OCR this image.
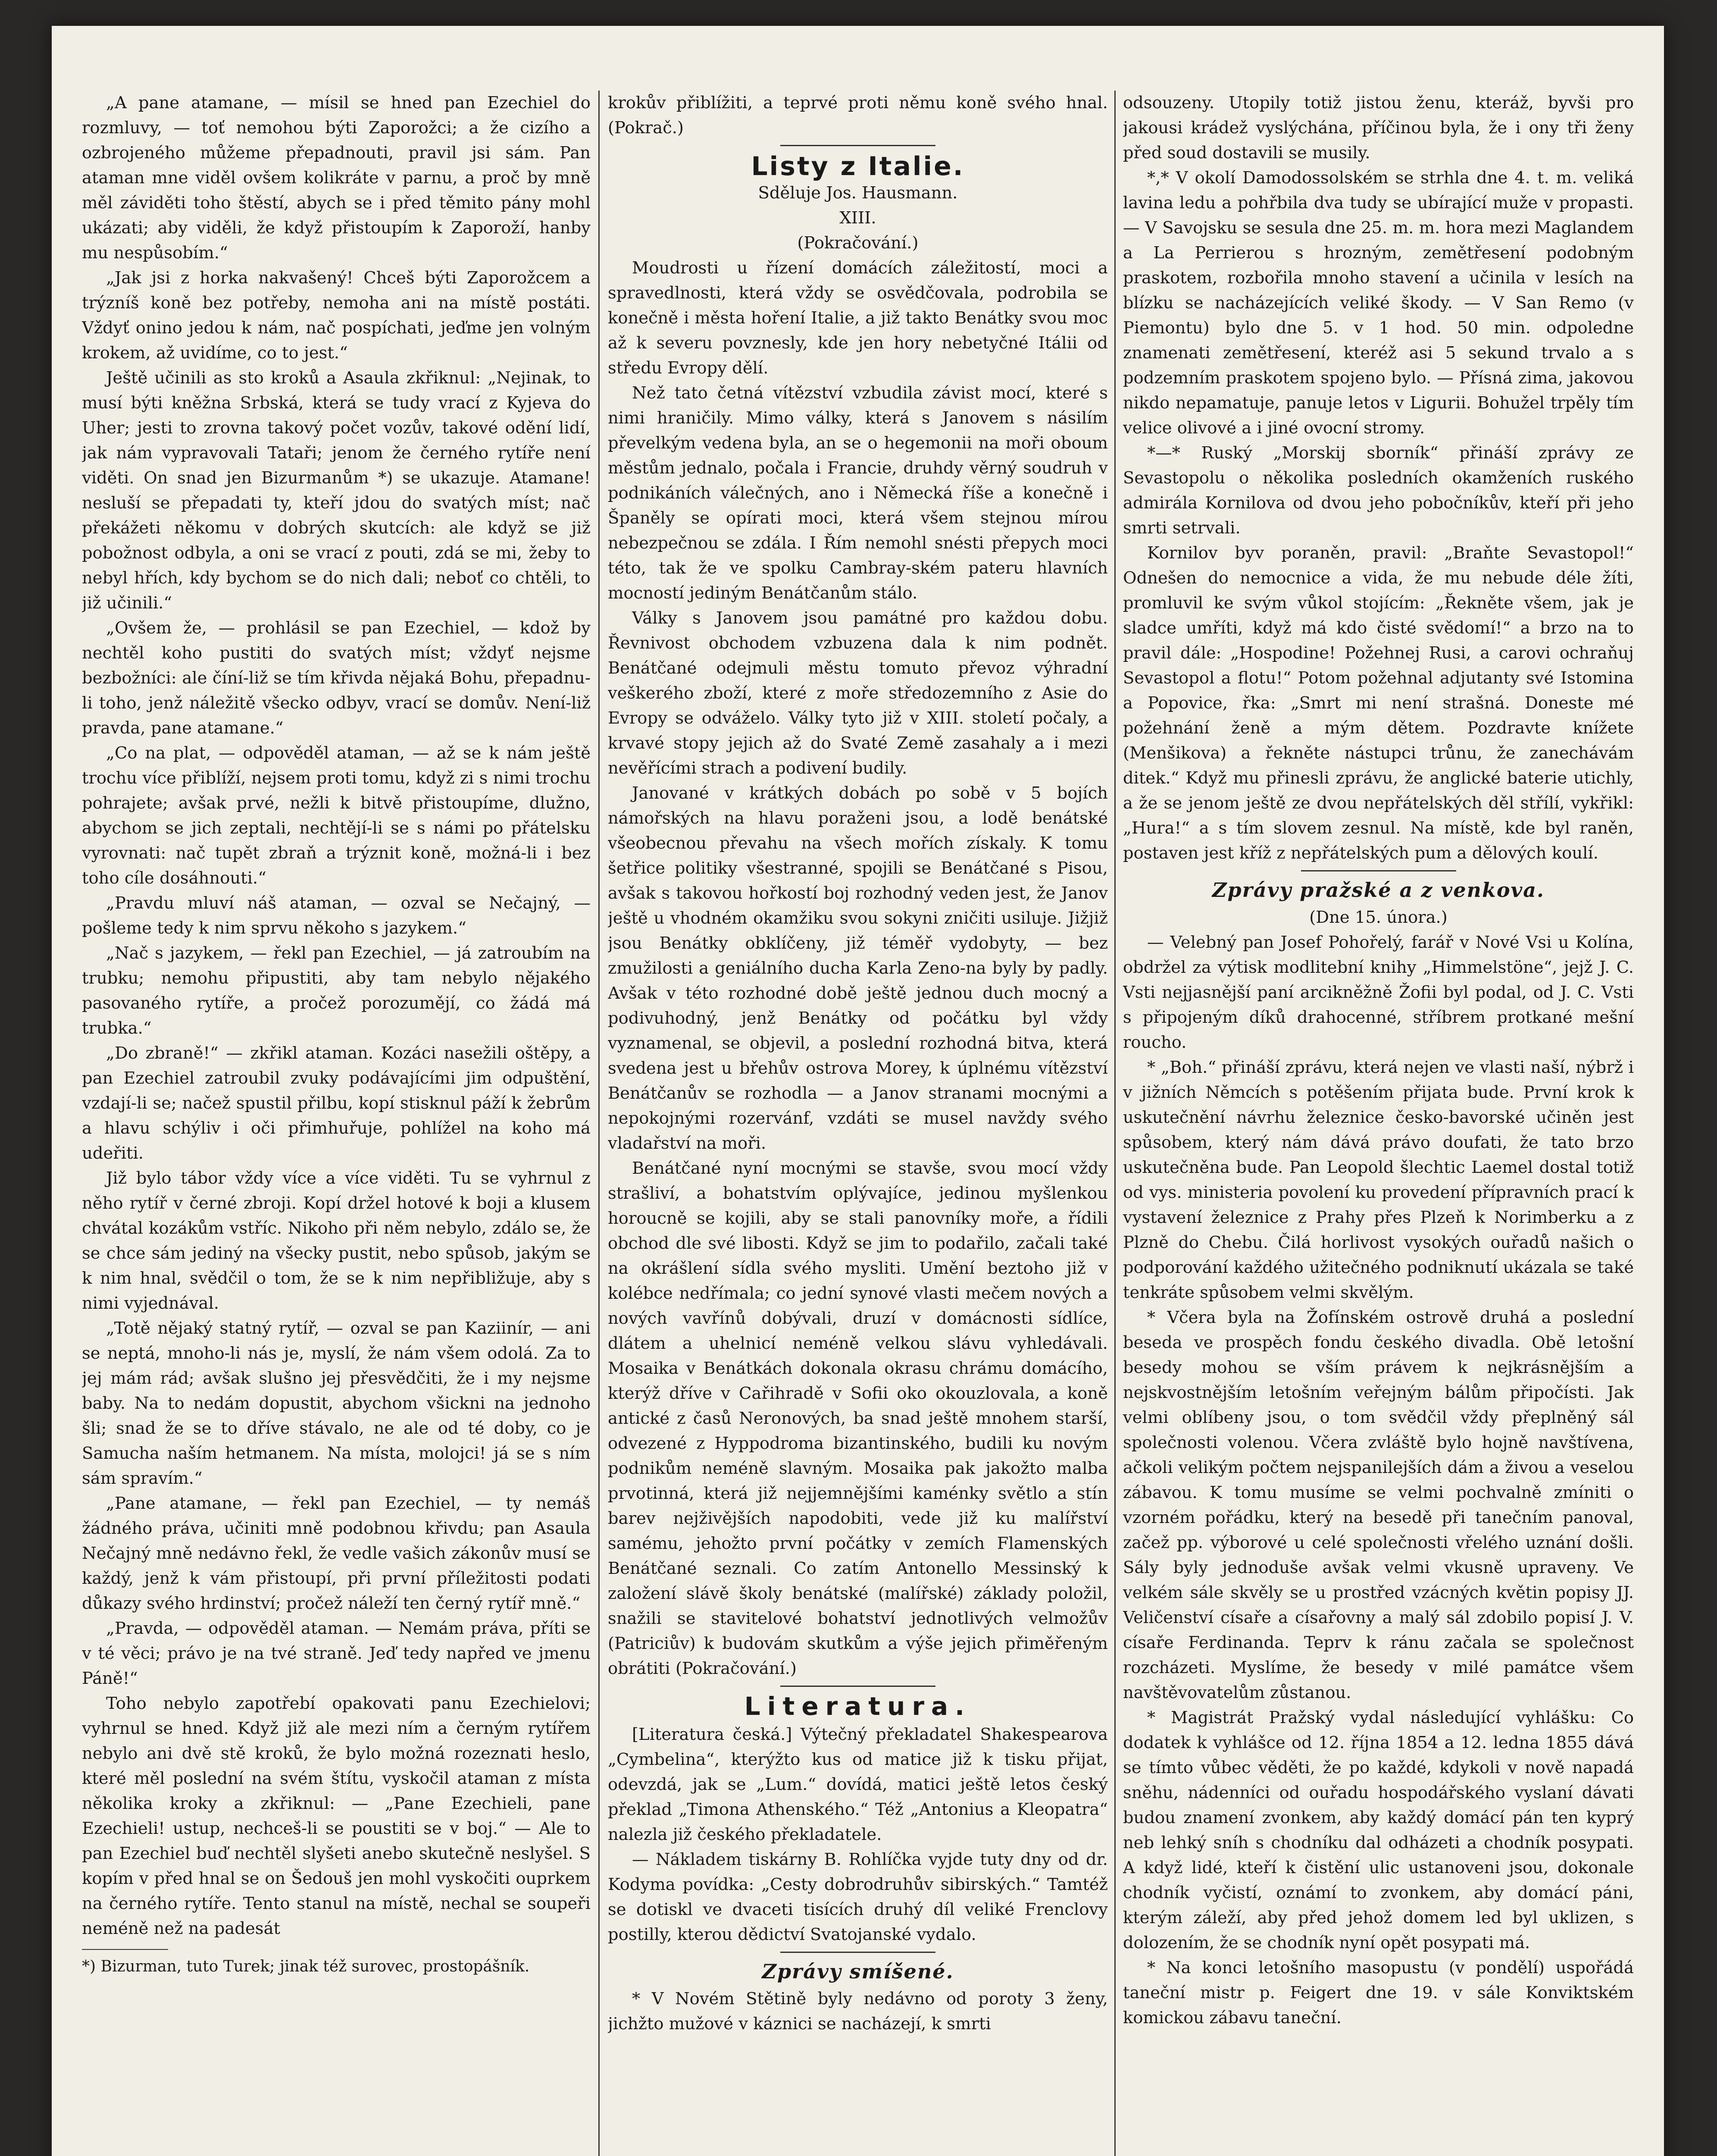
„A pane atamane, — mísil se hned pan Ezechiel do rozmluvy, — toť nemohou býti Zaporožci; a že cizího a ozbrojeného můžeme přepadnouti, pravil jsi sám. Pan ataman mne viděl ovšem kolikráte v parnu, a proč by mně měl záviděti toho štěstí, abych se i před těmito pány mohl ukázati; aby viděli, že když přistoupím k Zaporoží, hanby mu nespůsobím.“

„Jak jsi z horka nakvašený! Chceš býti Zaporožcem a trýzníš koně bez potřeby, nemoha ani na místě postáti. Vždyť onino jedou k nám, nač pospíchati, jeďme jen volným krokem, až uvidíme, co to jest.“

Ještě učinili as sto kroků a Asaula zkřiknul: „Nejinak, to musí býti kněžna Srbská, která se tudy vrací z Kyjeva do Uher; jesti to zrovna takový počet vozův, takové odění lidí, jak nám vypravovali Tataři; jenom že černého rytíře není viděti. On snad jen Bizurmanům *) se ukazuje. Atamane! nesluší se přepadati ty, kteří jdou do svatých míst; nač překážeti někomu v dobrých skutcích: ale když se již pobožnost odbyla, a oni se vrací z pouti, zdá se mi, žeby to nebyl hřích, kdy bychom se do nich dali; neboť co chtěli, to již učinili.“

„Ovšem že, — prohlásil se pan Ezechiel, — kdož by nechtěl koho pustiti do svatých míst; vždyť nejsme bezbožníci: ale číní-liž se tím křivda nějaká Bohu, přepadnu-li toho, jenž náležitě všecko odbyv, vrací se domův. Není-liž pravda, pane atamane.“

„Co na plat, — odpověděl ataman, — až se k nám ještě trochu více přiblíží, nejsem proti tomu, když zi s nimi trochu pohrajete; avšak prvé, nežli k bitvě přistoupíme, dlužno, abychom se jich zeptali, nechtějí-li se s námi po přátelsku vyrovnati: nač tupět zbraň a trýznit koně, možná-li i bez toho cíle dosáhnouti.“

„Pravdu mluví náš ataman, — ozval se Nečajný, — pošleme tedy k nim sprvu někoho s jazykem.“

„Nač s jazykem, — řekl pan Ezechiel, — já zatroubím na trubku; nemohu připustiti, aby tam nebylo nějakého pasovaného rytíře, a pročež porozumějí, co žádá má trubka.“

„Do zbraně!“ — zkřikl ataman. Kozáci nasežili oštěpy, a pan Ezechiel zatroubil zvuky podávajícími jim odpuštění, vzdají-li se; načež spustil přilbu, kopí stisknul páží k žebrům a hlavu schýliv i oči přimhuřuje, pohlížel na koho má udeřiti.

Již bylo tábor vždy více a více viděti. Tu se vyhrnul z něho rytíř v černé zbroji. Kopí držel hotové k boji a klusem chvátal kozákům vstříc. Nikoho při něm nebylo, zdálo se, že se chce sám jediný na všecky pustit, nebo spůsob, jakým se k nim hnal, svědčil o tom, že se k nim nepřibližuje, aby s nimi vyjednával.

„Totě nějaký statný rytíř, — ozval se pan Kaziinír, — ani se neptá, mnoho-li nás je, myslí, že nám všem odolá. Za to jej mám rád; avšak slušno jej přesvědčiti, že i my nejsme baby. Na to nedám dopustit, abychom všickni na jednoho šli; snad že se to dříve stávalo, ne ale od té doby, co je Samucha naším hetmanem. Na místa, molojci! já se s ním sám spravím.“

„Pane atamane, — řekl pan Ezechiel, — ty nemáš žádného práva, učiniti mně podobnou křivdu; pan Asaula Nečajný mně nedávno řekl, že vedle vašich zákonův musí se každý, jenž k vám přistoupí, při první příležitosti podati důkazy svého hrdinství; pročež náleží ten černý rytíř mně.“

„Pravda, — odpověděl ataman. — Nemám práva, příti se v té věci; právo je na tvé straně. Jeď tedy napřed ve jmenu Páně!“

Toho nebylo zapotřebí opakovati panu Ezechielovi; vyhrnul se hned. Když již ale mezi ním a černým rytířem nebylo ani dvě stě kroků, že bylo možná rozeznati heslo, které měl poslední na svém štítu, vyskočil ataman z místa několika kroky a zkřiknul: — „Pane Ezechieli, pane Ezechieli! ustup, nechceš-li se poustiti se v boj.“ — Ale to pan Ezechiel buď nechtěl slyšeti anebo skutečně neslyšel. S kopím v před hnal se on Šedouš jen mohl vyskočiti ouprkem na černého rytíře. Tento stanul na místě, nechal se soupeři neméně než na padesát

*) Bizurman, tuto Turek; jinak též surovec, prostopášník.

krokův přiblížiti, a teprvé proti němu koně svého hnal. (Pokrač.)

Listy z Italie.

Sděluje Jos. Hausmann.

XIII.

(Pokračování.)

Moudrosti u řízení domácích záležitostí, moci a spravedlnosti, která vždy se osvědčovala, podrobila se konečně i města hoření Italie, a již takto Benátky svou moc až k severu povznesly, kde jen hory nebetyčné Itálii od středu Evropy dělí.

Než tato četná vítězství vzbudila závist mocí, které s nimi hraničily. Mimo války, která s Janovem s násilím převelkým vedena byla, an se o hegemonii na moři oboum městům jednalo, počala i Francie, druhdy věrný soudruh v podnikáních válečných, ano i Německá říše a konečně i Španěly se opírati moci, která všem stejnou mírou nebezpečnou se zdála. I Řím nemohl snésti přepych moci této, tak že ve spolku Cambray-ském pateru hlavních mocností jediným Benátčanům stálo.

Války s Janovem jsou památné pro každou dobu. Řevnivost obchodem vzbuzena dala k nim podnět. Benátčané odejmuli městu tomuto převoz výhradní veškerého zboží, které z moře středozemního z Asie do Evropy se odváželo. Války tyto již v XIII. století počaly, a krvavé stopy jejich až do Svaté Země zasahaly a i mezi nevěřícími strach a podivení budily.

Janované v krátkých dobách po sobě v 5 bojích námořských na hlavu poraženi jsou, a lodě benátské všeobecnou převahu na všech mořích získaly. K tomu šetřice politiky všestranné, spojili se Benátčané s Pisou, avšak s takovou hořkostí boj rozhodný veden jest, že Janov ještě u vhodném okamžiku svou sokyni zničiti usiluje. Jižjiž jsou Benátky obklíčeny, již téměř vydobyty, — bez zmužilosti a geniálního ducha Karla Zeno-na byly by padly. Avšak v této rozhodné době ještě jednou duch mocný a podivuhodný, jenž Benátky od počátku byl vždy vyznamenal, se objevil, a poslední rozhodná bitva, která svedena jest u břehův ostrova Morey, k úplnému vítězství Benátčanův se rozhodla — a Janov stranami mocnými a nepokojnými rozervánf, vzdáti se musel navždy svého vladařství na moři.

Benátčané nyní mocnými se stavše, svou mocí vždy strašliví, a bohatstvím oplývajíce, jedinou myšlenkou horoucně se kojili, aby se stali panovníky moře, a řídili obchod dle své libosti. Když se jim to podařilo, začali také na okrášlení sídla svého mysliti. Umění beztoho již v kolébce nedřímala; co jední synové vlasti mečem nových a nových vavřínů dobývali, druzí v domácnosti sídlíce, dlátem a uhelnicí neméně velkou slávu vyhledávali. Mosaika v Benátkách dokonala okrasu chrámu domácího, kterýž dříve v Cařihradě v Sofii oko okouzlovala, a koně antické z časů Neronových, ba snad ještě mnohem starší, odvezené z Hyppodroma bizantinského, budili ku novým podnikům neméně slavným. Mosaika pak jakožto malba prvotinná, která již nejjemnějšími kaménky světlo a stín barev nejživějších napodobiti, vede již ku malířství samému, jehožto první počátky v zemích Flamenských Benátčané seznali. Co zatím Antonello Messinský k založení slávě školy benátské (malířské) základy položil, snažili se stavitelové bohatství jednotlivých velmožův (Patriciův) k budovám skutkům a výše jejich přiměřeným obrátiti (Pokračování.)

Literatura.

[Literatura česká.] Výtečný překladatel Shakespearova „Cymbelina“, kterýžto kus od matice již k tisku přijat, odevzdá, jak se „Lum.“ dovídá, matici ještě letos český překlad „Timona Athenského.“ Též „Antonius a Kleopatra“ nalezla již českého překladatele.

— Nákladem tiskárny B. Rohlíčka vyjde tuty dny od dr. Kodyma povídka: „Cesty dobrodruhův sibirských.“ Tamtéž se dotiskl ve dvaceti tisících druhý díl veliké Frenclovy postilly, kterou dědictví Svatojanské vydalo.

Zprávy smíšené.

* V Novém Stětině byly nedávno od poroty 3 ženy, jichžto mužové v káznici se nacházejí, k smrti

odsouzeny. Utopily totiž jistou ženu, kteráž, byvši pro jakousi krádež vyslýchána, příčinou byla, že i ony tři ženy před soud dostavili se musily.

*,* V okolí Damodossolském se strhla dne 4. t. m. veliká lavina ledu a pohřbila dva tudy se ubírající muže v propasti. — V Savojsku se sesula dne 25. m. m. hora mezi Maglandem a La Perrierou s hrozným, zemětřesení podobným praskotem, rozbořila mnoho stavení a učinila v lesích na blízku se nacházejících veliké škody. — V San Remo (v Piemontu) bylo dne 5. v 1 hod. 50 min. odpoledne znamenati zemětřesení, kteréž asi 5 sekund trvalo a s podzemním praskotem spojeno bylo. — Přísná zima, jakovou nikdo nepamatuje, panuje letos v Ligurii. Bohužel trpěly tím velice olivové a i jiné ovocní stromy.

*—* Ruský „Morskij sborník“ přináší zprávy ze Sevastopolu o několika posledních okamženích ruského admirála Kornilova od dvou jeho pobočníkův, kteří při jeho smrti setrvali.

Kornilov byv poraněn, pravil: „Braňte Sevastopol!“ Odnešen do nemocnice a vida, že mu nebude déle žíti, promluvil ke svým vůkol stojícím: „Řekněte všem, jak je sladce umříti, když má kdo čisté svědomí!“ a brzo na to pravil dále: „Hospodine! Požehnej Rusi, a carovi ochraňuj Sevastopol a flotu!“ Potom požehnal adjutanty své Istomina a Popovice, řka: „Smrt mi není strašná. Doneste mé požehnání ženě a mým dětem. Pozdravte knížete (Menšikova) a řekněte nástupci trůnu, že zanechávám ditek.“ Když mu přinesli zprávu, že anglické baterie utichly, a že se jenom ještě ze dvou nepřátelských děl střílí, vykřikl: „Hura!“ a s tím slovem zesnul. Na místě, kde byl raněn, postaven jest kříž z nepřátelských pum a dělových koulí.

Zprávy pražské a z venkova.

(Dne 15. února.)

— Velebný pan Josef Pohořelý, farář v Nové Vsi u Kolína, obdržel za výtisk modlitební knihy „Himmelstöne“, jejž J. C. Vsti nejjasnější paní arcikněžně Žofii byl podal, od J. C. Vsti s připojeným díků drahocenné, stříbrem protkané mešní roucho.

* „Boh.“ přináší zprávu, která nejen ve vlasti naší, nýbrž i v jižních Němcích s potěšením přijata bude. První krok k uskutečnění návrhu železnice česko-bavorské učiněn jest spůsobem, který nám dává právo doufati, že tato brzo uskutečněna bude. Pan Leopold šlechtic Laemel dostal totiž od vys. ministeria povolení ku provedení přípravních prací k vystavení železnice z Prahy přes Plzeň k Norimberku a z Plzně do Chebu. Čilá horlivost vysokých ouřadů našich o podporování každého užitečného podniknutí ukázala se také tenkráte spůsobem velmi skvělým.

* Včera byla na Žofínském ostrově druhá a poslední beseda ve prospěch fondu českého divadla. Obě letošní besedy mohou se vším právem k nejkrásnějším a nejskvostnějším letošním veřejným bálům připočísti. Jak velmi oblíbeny jsou, o tom svědčil vždy přeplněný sál společnosti volenou. Včera zvláště bylo hojně navštívena, ačkoli velikým počtem nejspanilejších dám a živou a veselou zábavou. K tomu musíme se velmi pochvalně zmíniti o vzorném pořádku, který na besedě při tanečním panoval, začež pp. výborové u celé společnosti vřelého uznání došli. Sály byly jednoduše avšak velmi vkusně upraveny. Ve velkém sále skvěly se u prostřed vzácných květin popisy JJ. Veličenství císaře a císařovny a malý sál zdobilo popisí J. V. císaře Ferdinanda. Teprv k ránu začala se společnost rozcházeti. Myslíme, že besedy v milé památce všem navštěvovatelům zůstanou.

* Magistrát Pražský vydal následující vyhlášku: Co dodatek k vyhlášce od 12. října 1854 a 12. ledna 1855 dává se tímto vůbec věděti, že po každé, kdykoli v nově napadá sněhu, nádenníci od ouřadu hospodářského vyslaní dávati budou znamení zvonkem, aby každý domácí pán ten kyprý neb lehký sníh s chodníku dal odházeti a chodník posypati. A když lidé, kteří k čistění ulic ustanoveni jsou, dokonale chodník vyčistí, oznámí to zvonkem, aby domácí páni, kterým záleží, aby před jehož domem led byl uklizen, s dolozením, že se chodník nyní opět posypati má.

* Na konci letošního masopustu (v pondělí) uspořádá taneční mistr p. Feigert dne 19. v sále Konviktském komickou zábavu taneční.
